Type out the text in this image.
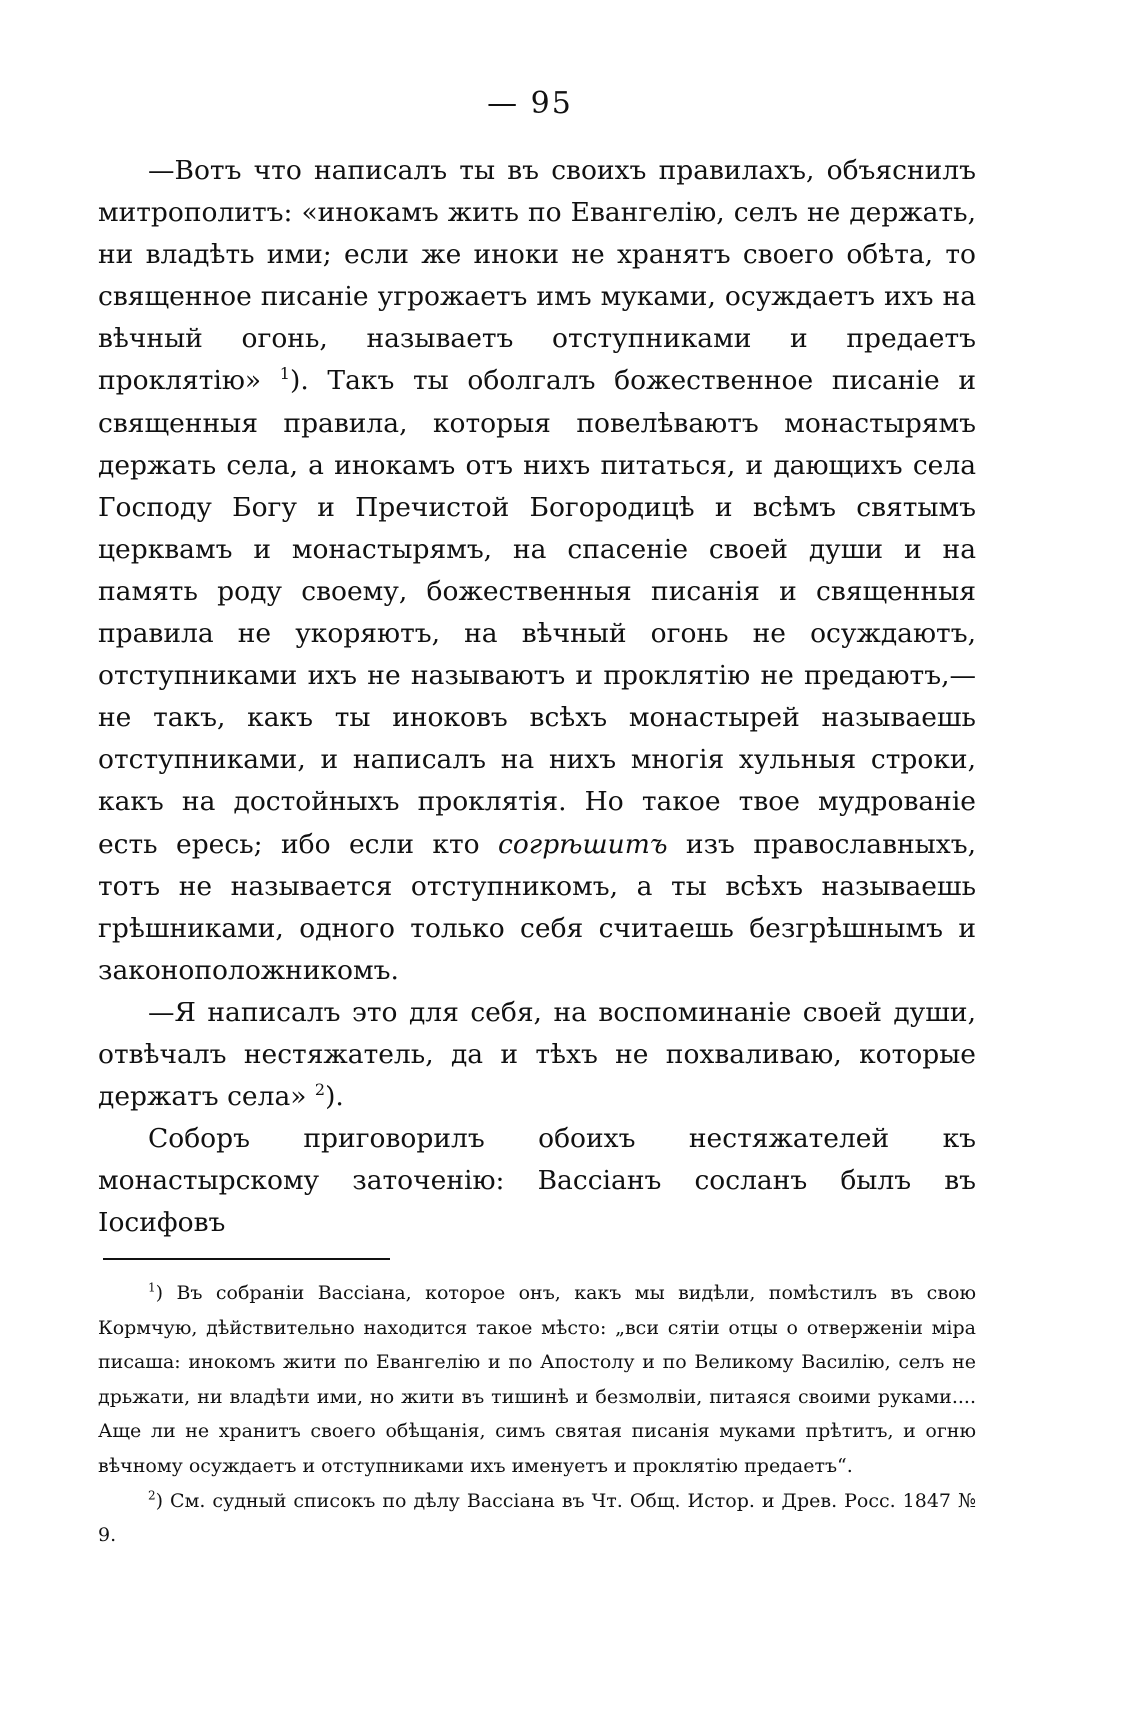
— 95

—Вотъ что написалъ ты въ своихъ правилахъ, объяснилъ митрополитъ: «инокамъ жить по Евангелію, селъ не держать, ни владѣть ими; если же иноки не хранятъ своего обѣта, то священное писаніе угрожаетъ имъ муками, осуждаетъ ихъ на вѣчный огонь, называетъ отступниками и предаетъ проклятію» $^1$). Такъ ты оболгалъ божественное писаніе и священныя правила, которыя повелѣваютъ монастырямъ держать села, а инокамъ отъ нихъ питаться, и дающихъ села Господу Богу и Пречистой Богородицѣ и всѣмъ святымъ церквамъ и монастырямъ, на спасеніе своей души и на память роду своему, божественныя писанія и священныя правила не укоряютъ, на вѣчный огонь не осуждаютъ, отступниками ихъ не называютъ и проклятію не предаютъ,— не такъ, какъ ты иноковъ всѣхъ монастырей называешь отступниками, и написалъ на нихъ многія хульныя строки, какъ на достойныхъ проклятія. Но такое твое мудрованіе есть ересь; ибо если кто согрѣшитъ изъ православныхъ, тотъ не называется отступникомъ, а ты всѣхъ называешь грѣшниками, одного только себя считаешь безгрѣшнымъ и законоположникомъ.

—Я написалъ это для себя, на воспоминаніе своей души, отвѣчалъ нестяжатель, да и тѣхъ не похваливаю, которые держатъ села» $^2$).

Соборъ приговорилъ обоихъ нестяжателей къ монастырскому заточенію: Вассіанъ сосланъ былъ въ Іосифовъ

$^1$) Въ собраніи Вассіана, которое онъ, какъ мы видѣли, помѣстилъ въ свою Кормчую, дѣйствительно находится такое мѣсто: „вси сятіи отцы о отверженіи міра писаша: инокомъ жити по Евангелію и по Апостолу и по Великому Василію, селъ не дрьжати, ни владѣти ими, но жити въ тишинѣ и безмолвіи, питаяся своими руками.... Аще ли не хранитъ своего обѣщанія, симъ святая писанія муками прѣтитъ, и огню вѣчному осуждаетъ и отступниками ихъ именуетъ и проклятію предаетъ“.

$^2$) См. судный списокъ по дѣлу Вассіана въ Чт. Общ. Истор. и Древ. Росс. 1847 № 9.
